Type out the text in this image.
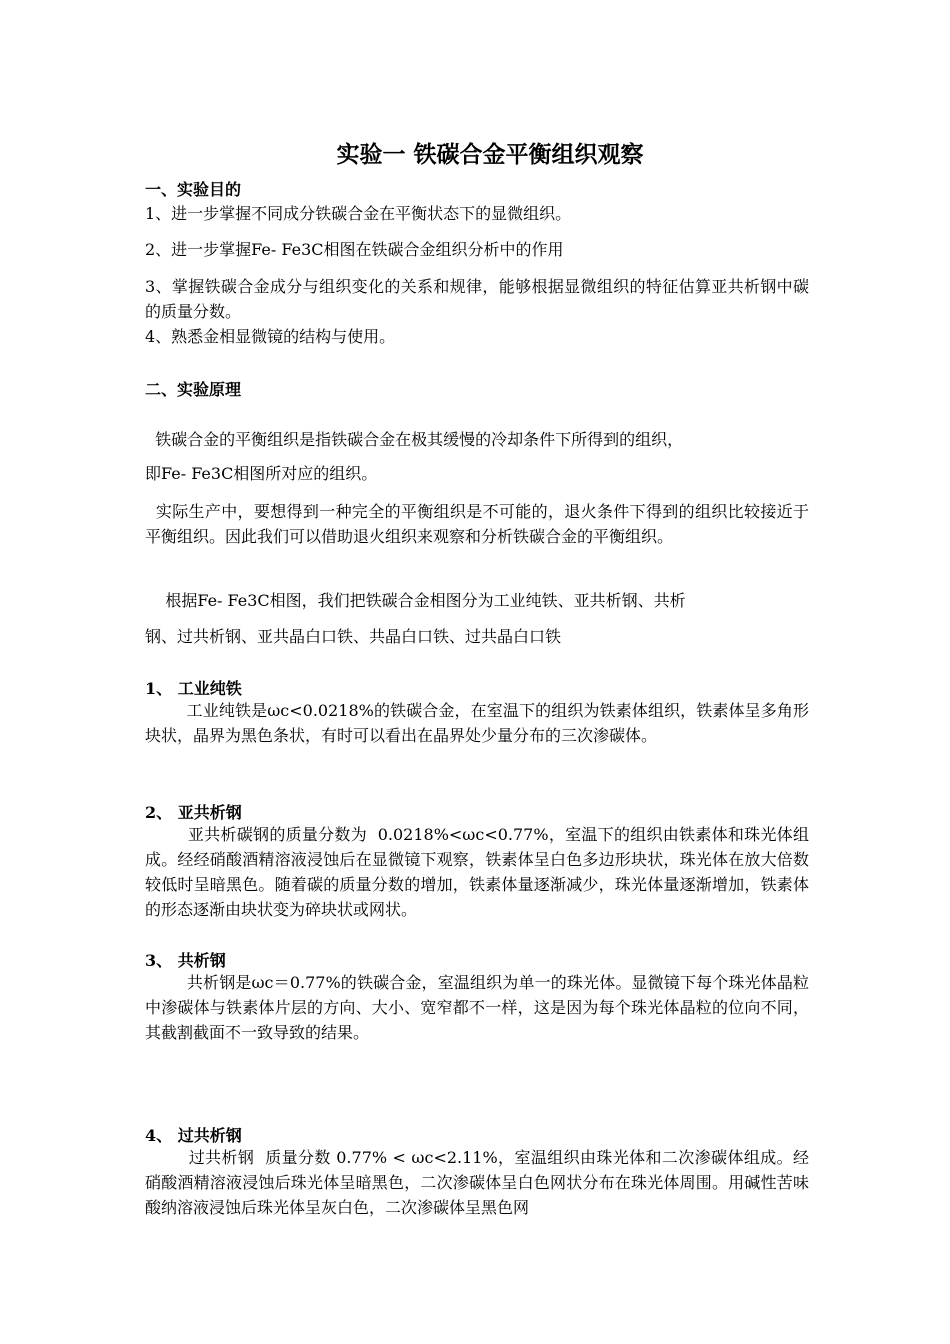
实验一 铁碳合金平衡组织观察
一、实验目的
1、进一步掌握不同成分铁碳合金在平衡状态下的显微组织。
2、进一步掌握Fe- Fe3C相图在铁碳合金组织分析中的作用
3、掌握铁碳合金成分与组织变化的关系和规律，能够根据显微组织的特征估算亚共析钢中碳的质量分数。
4、熟悉金相显微镜的结构与使用。
二、实验原理
铁碳合金的平衡组织是指铁碳合金在极其缓慢的冷却条件下所得到的组织，
即Fe- Fe3C相图所对应的组织。
实际生产中，要想得到一种完全的平衡组织是不可能的，退火条件下得到的组织比较接近于平衡组织。因此我们可以借助退火组织来观察和分析铁碳合金的平衡组织。
根据Fe- Fe3C相图，我们把铁碳合金相图分为工业纯铁、亚共析钢、共析
钢、过共析钢、亚共晶白口铁、共晶白口铁、过共晶白口铁
1、 工业纯铁
工业纯铁是ωc<0.0218%的铁碳合金，在室温下的组织为铁素体组织，铁素体呈多角形块状，晶界为黑色条状，有时可以看出在晶界处少量分布的三次渗碳体。
2、 亚共析钢
亚共析碳钢的质量分数为  0.0218%<ωc<0.77%，室温下的组织由铁素体和珠光体组成。经经硝酸酒精溶液浸蚀后在显微镜下观察，铁素体呈白色多边形块状，珠光体在放大倍数较低时呈暗黑色。随着碳的质量分数的增加，铁素体量逐渐减少，珠光体量逐渐增加，铁素体的形态逐渐由块状变为碎块状或网状。
3、 共析钢
共析钢是ωc＝0.77%的铁碳合金，室温组织为单一的珠光体。显微镜下每个珠光体晶粒中渗碳体与铁素体片层的方向、大小、宽窄都不一样，这是因为每个珠光体晶粒的位向不同，其截割截面不一致导致的结果。
4、 过共析钢
过共析钢  质量分数 0.77% < ωc<2.11%，室温组织由珠光体和二次渗碳体组成。经硝酸酒精溶液浸蚀后珠光体呈暗黑色，二次渗碳体呈白色网状分布在珠光体周围。用碱性苦味酸纳溶液浸蚀后珠光体呈灰白色，二次渗碳体呈黑色网
